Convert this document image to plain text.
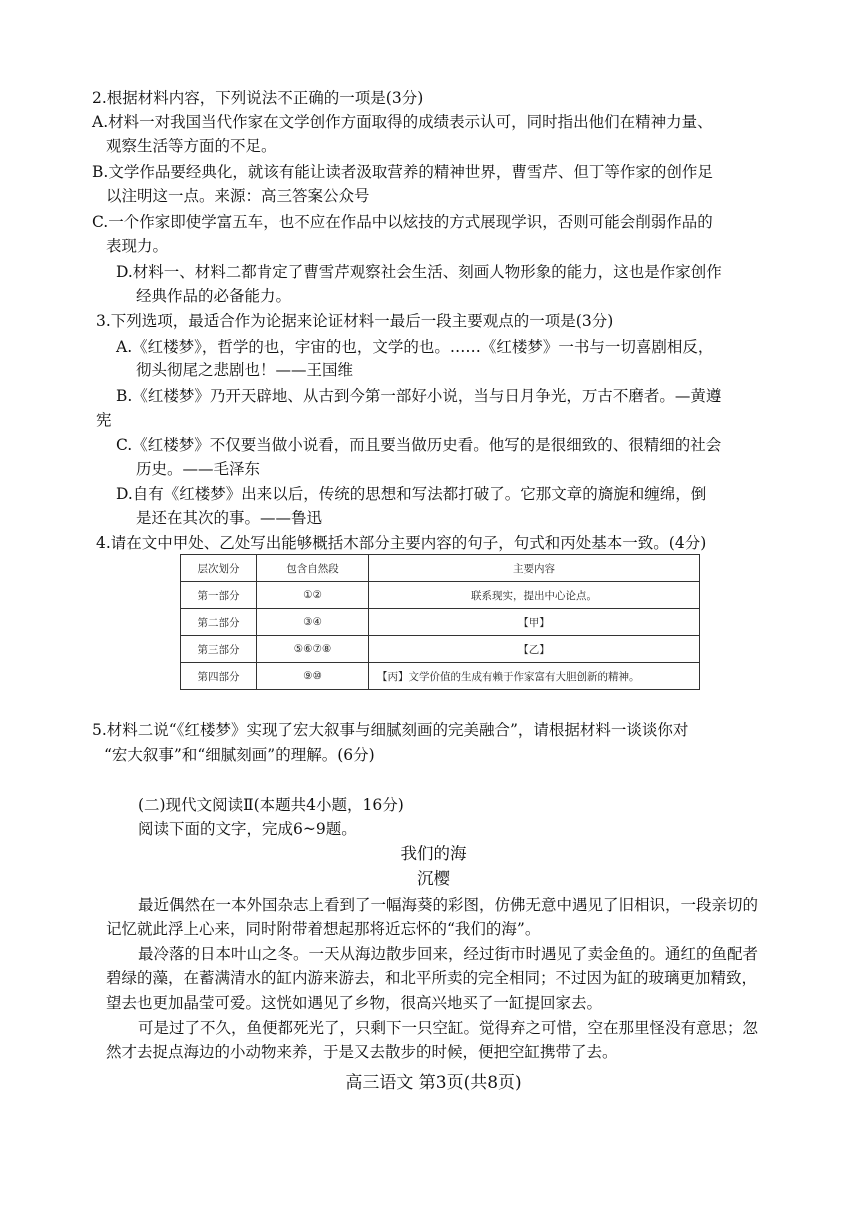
2.根据材料内容，下列说法不正确的一项是(3分)
A.材料一对我国当代作家在文学创作方面取得的成绩表示认可，同时指出他们在精神力量、
观察生活等方面的不足。
B.文学作品要经典化，就该有能让读者汲取营养的精神世界，曹雪芹、但丁等作家的创作足
以注明这一点。来源：高三答案公众号
C.一个作家即使学富五车，也不应在作品中以炫技的方式展现学识，否则可能会削弱作品的
表现力。
D.材料一、材料二都肯定了曹雪芹观察社会生活、刻画人物形象的能力，这也是作家创作
经典作品的必备能力。
3.下列选项，最适合作为论据来论证材料一最后一段主要观点的一项是(3分)
A.《红楼梦》，哲学的也，宇宙的也，文学的也。……《红楼梦》一书与一切喜剧相反，
彻头彻尾之悲剧也！——王国维
B.《红楼梦》乃开天辟地、从古到今第一部好小说，当与日月争光，万古不磨者。—黄遵
宪
C.《红楼梦》不仅要当做小说看，而且要当做历史看。他写的是很细致的、很精细的社会
历史。——毛泽东
D.自有《红楼梦》出来以后，传统的思想和写法都打破了。它那文章的旖旎和缠绵，倒
是还在其次的事。——鲁迅
4.请在文中甲处、乙处写出能够概括木部分主要内容的句子，句式和丙处基本一致。(4分)
层次划分	包含自然段	主要内容
第一部分	①②	联系现实，提出中心论点。
第二部分	③④	【甲】
第三部分	⑤⑥⑦⑧	【乙】
第四部分	⑨⑩	【丙】文学价值的生成有赖于作家富有大胆创新的精神。
5.材料二说“《红楼梦》实现了宏大叙事与细腻刻画的完美融合”，请根据材料一谈谈你对
“宏大叙事”和“细腻刻画”的理解。(6分)
(二)现代文阅读Ⅱ(本题共4小题，16分)
阅读下面的文字，完成6~9题。
我们的海
沉樱
最近偶然在一本外国杂志上看到了一幅海葵的彩图，仿佛无意中遇见了旧相识，一段亲切的
记忆就此浮上心来，同时附带着想起那将近忘怀的“我们的海”。
最冷落的日本叶山之冬。一天从海边散步回来，经过街市时遇见了卖金鱼的。通红的鱼配者
碧绿的藻，在蓄满清水的缸内游来游去，和北平所卖的完全相同；不过因为缸的玻璃更加精致，
望去也更加晶莹可爱。这恍如遇见了乡物，很高兴地买了一缸提回家去。
可是过了不久，鱼便都死光了，只剩下一只空缸。觉得弃之可惜，空在那里怪没有意思；忽
然才去捉点海边的小动物来养，于是又去散步的时候，便把空缸携带了去。
高三语文 第3页(共8页)
